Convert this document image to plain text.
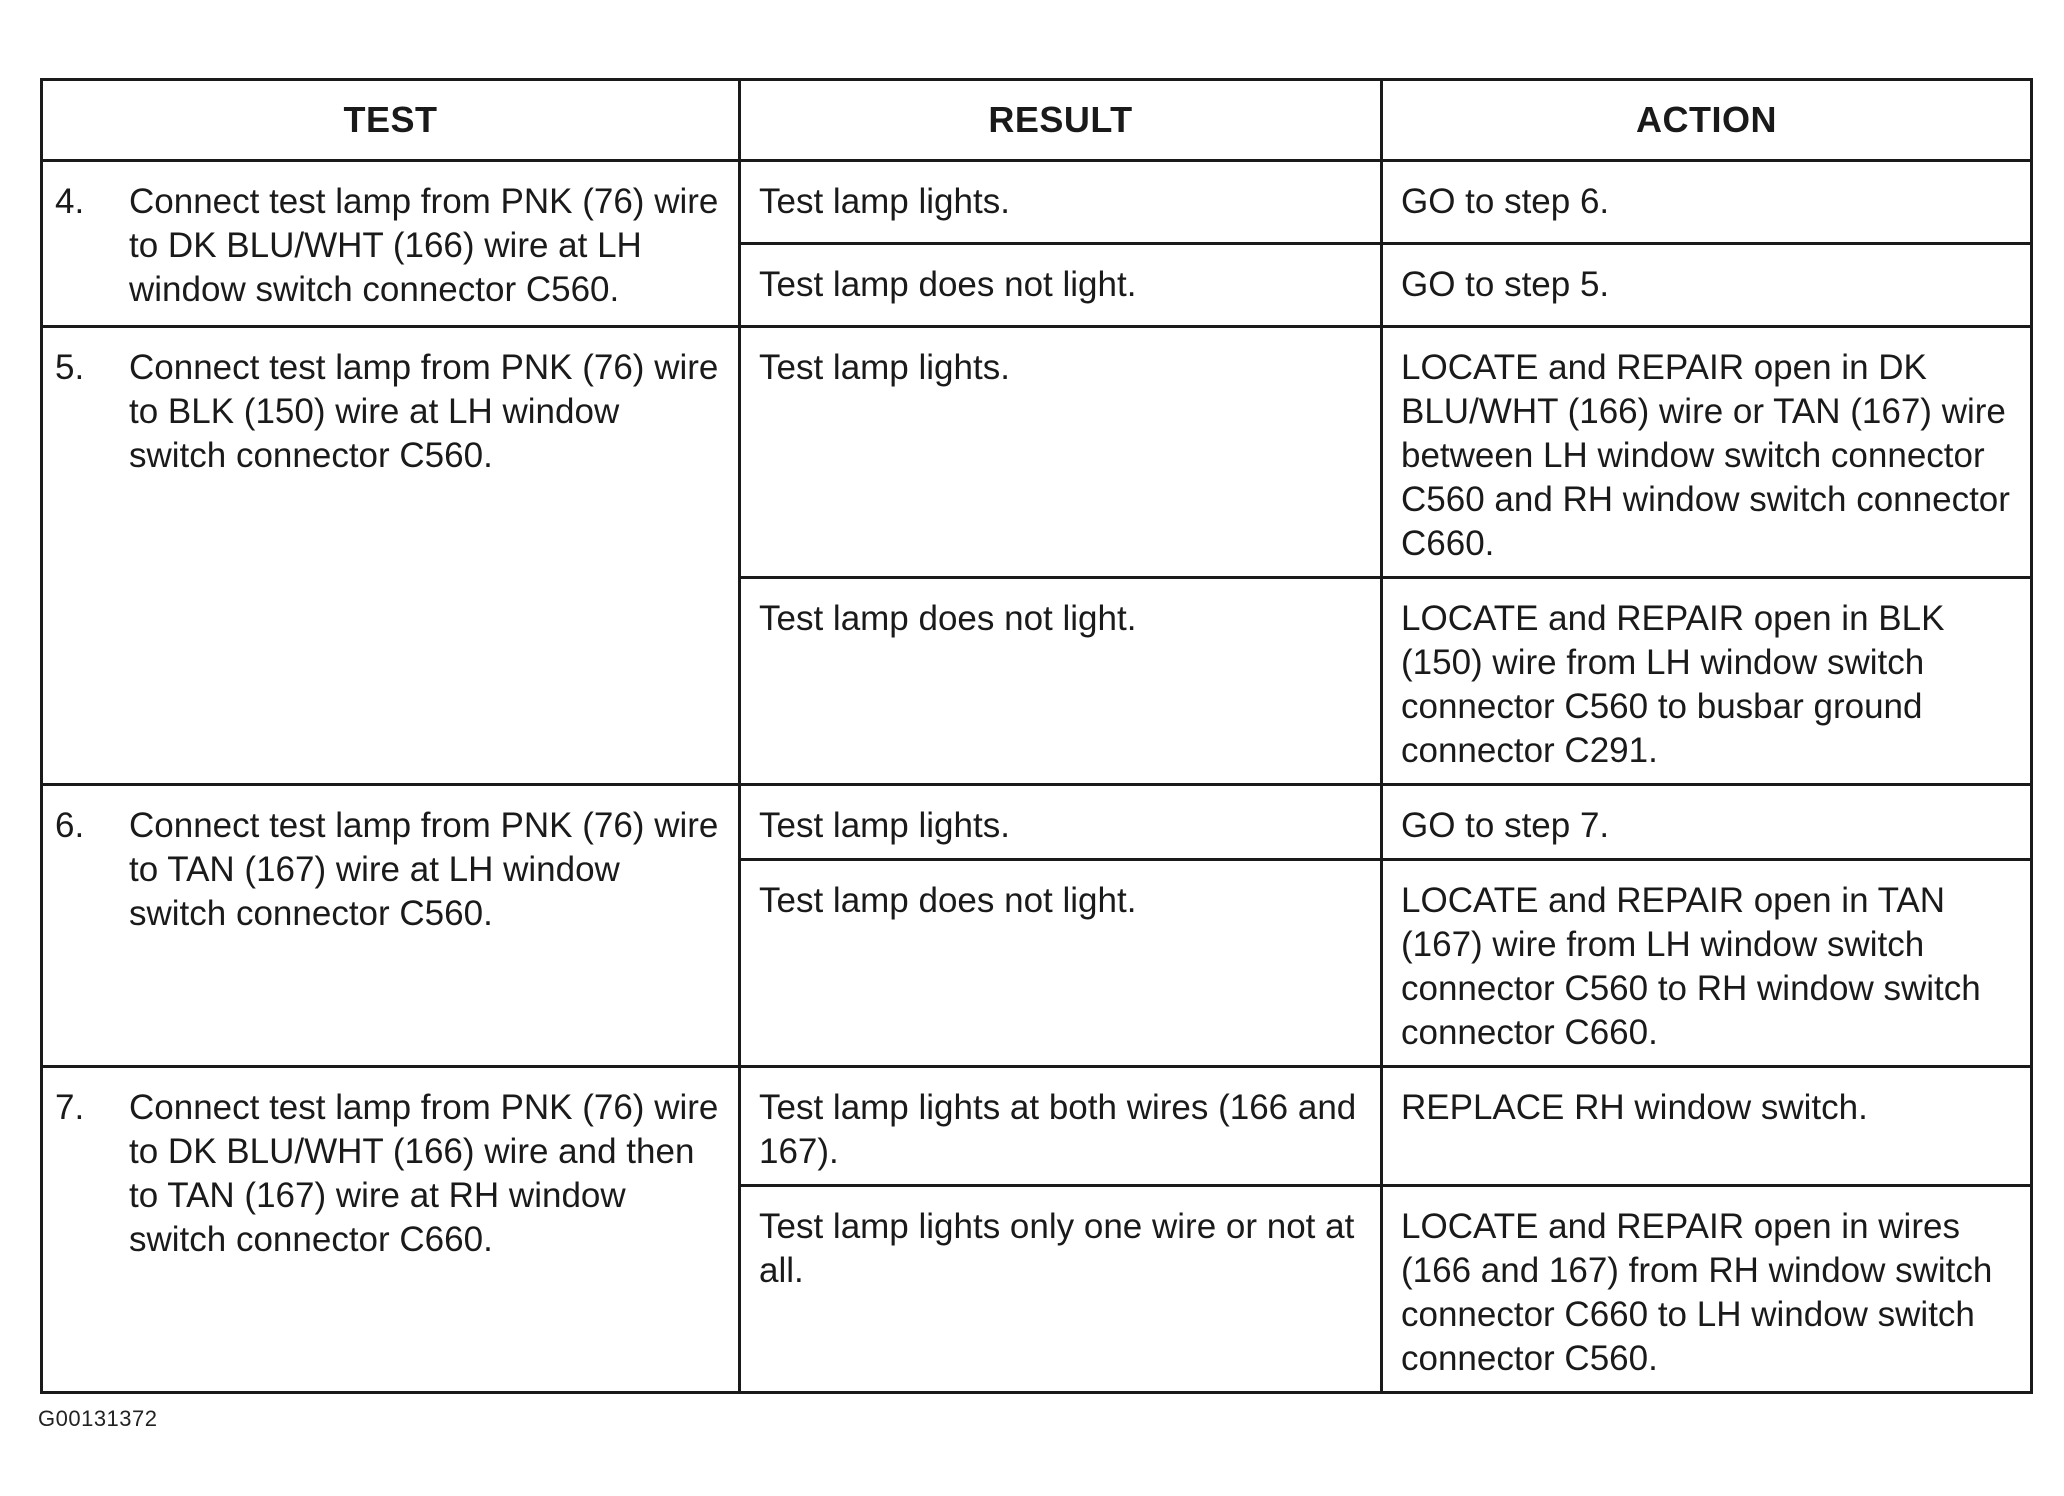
TEST	RESULT	ACTION

4. Connect test lamp from PNK (76) wire to DK BLU/WHT (166) wire at LH window switch connector C560.	Test lamp lights.	GO to step 6.

	Test lamp does not light.	GO to step 5.

5. Connect test lamp from PNK (76) wire to BLK (150) wire at LH window switch connector C560.	Test lamp lights.	LOCATE and REPAIR open in DK BLU/WHT (166) wire or TAN (167) wire between LH window switch connector C560 and RH window switch connector C660.

	Test lamp does not light.	LOCATE and REPAIR open in BLK (150) wire from LH window switch connector C560 to busbar ground connector C291.

6. Connect test lamp from PNK (76) wire to TAN (167) wire at LH window switch connector C560.	Test lamp lights.	GO to step 7.

	Test lamp does not light.	LOCATE and REPAIR open in TAN (167) wire from LH window switch connector C560 to RH window switch connector C660.

7. Connect test lamp from PNK (76) wire to DK BLU/WHT (166) wire and then to TAN (167) wire at RH window switch connector C660.	Test lamp lights at both wires (166 and 167).	REPLACE RH window switch.

	Test lamp lights only one wire or not at all.	LOCATE and REPAIR open in wires (166 and 167) from RH window switch connector C660 to LH window switch connector C560.
G00131372
